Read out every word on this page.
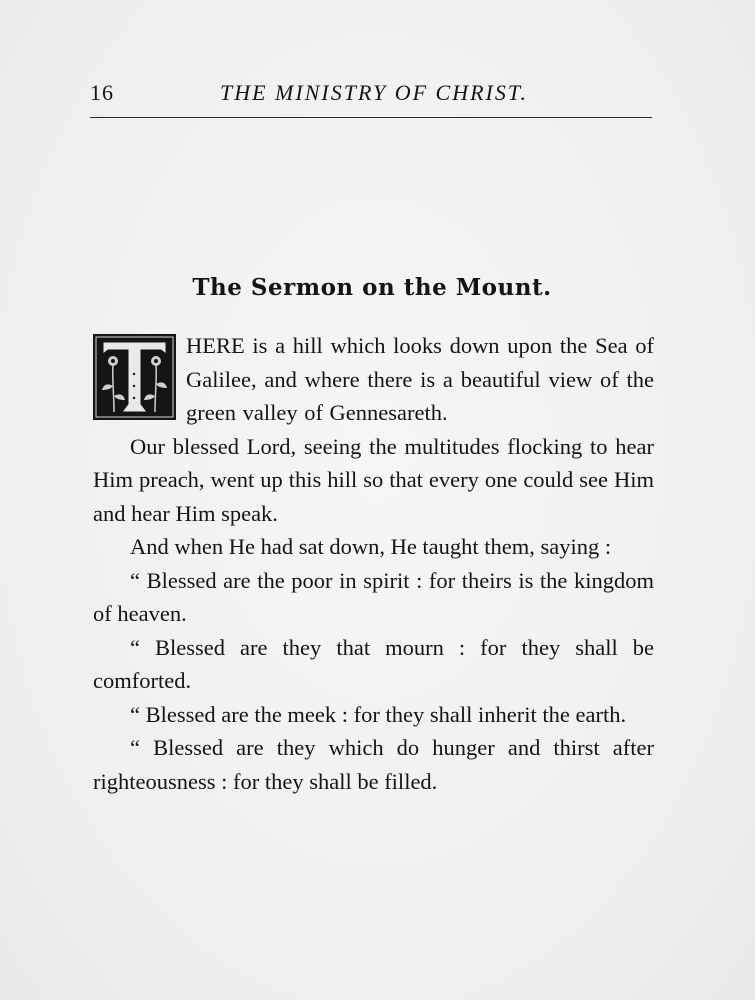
16	THE MINISTRY OF CHRIST.
The Sermon on the Mount.

HERE is a hill which looks down upon the Sea of Galilee, and where there is a beautiful view of the green valley of Gennesareth.

Our blessed Lord, seeing the multitudes flocking to hear Him preach, went up this hill so that every one could see Him and hear Him speak.

And when He had sat down, He taught them, saying :

“ Blessed are the poor in spirit : for theirs is the kingdom of heaven.

“ Blessed are they that mourn : for they shall be comforted.

“ Blessed are the meek : for they shall inherit the earth.

“ Blessed are they which do hunger and thirst after righteousness : for they shall be filled.
